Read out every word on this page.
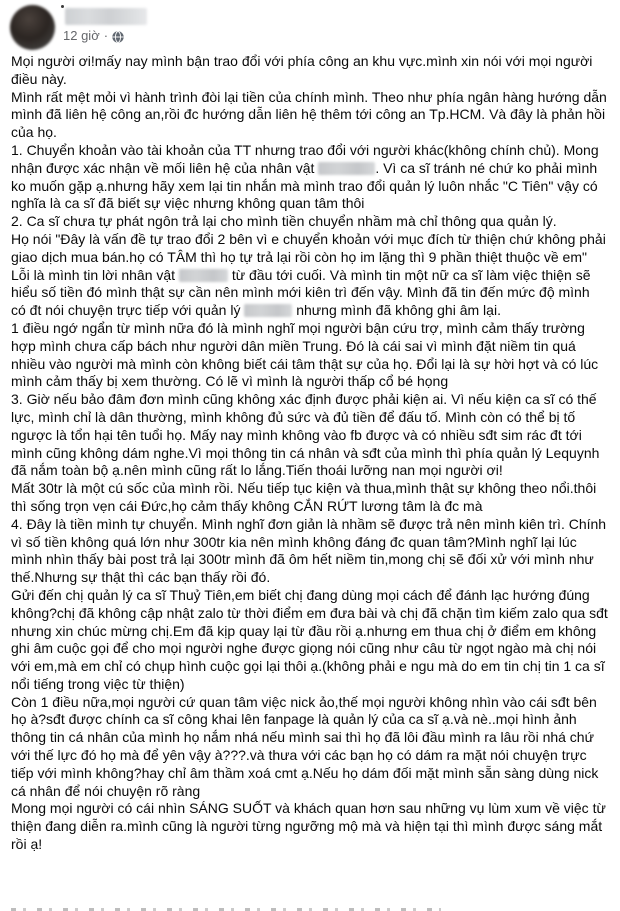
12 giờ ·

Mọi người ơi!mấy nay mình bận trao đổi với phía công an khu vực.mình xin nói với mọi người điều này.

Mình rất mệt mỏi vì hành trình đòi lại tiền của chính mình. Theo như phía ngân hàng hướng dẫn mình đã liên hệ công an,rồi đc hướng dẫn liên hệ thêm tới công an Tp.HCM. Và đây là phản hồi của họ.

1. Chuyển khoản vào tài khoản của TT nhưng trao đổi với người khác(không chính chủ). Mong nhận được xác nhận về mối liên hệ của nhân vật	. Vì ca sĩ tránh né chứ ko phải mình ko muốn gặp ạ.nhưng hãy xem lại tin nhắn mà mình trao đổi quản lý luôn nhắc "C Tiên" vậy có nghĩa là ca sĩ đã biết sự việc nhưng không quan tâm thôi

2. Ca sĩ chưa tự phát ngôn trả lại cho mình tiền chuyển nhầm mà chỉ thông qua quản lý.

Họ nói "Đây là vấn đề tự trao đổi 2 bên vì e chuyển khoản với mục đích từ thiện chứ không phải giao dịch mua bán.họ có TÂM thì họ tự trả lại rồi còn họ im lặng thì 9 phần thiệt thuộc về em"

Lỗi là mình tin lời nhân vật	từ đầu tới cuối. Và mình tin một nữ ca sĩ làm việc thiện sẽ hiểu số tiền đó mình thật sự cần nên mình mới kiên trì đến vậy. Mình đã tin đến mức độ mình có đt nói chuyện trực tiếp với quản lý	nhưng mình đã không ghi âm lại.

1 điều ngớ ngẩn từ mình nữa đó là mình nghĩ mọi người bận cứu trợ, mình cảm thấy trường hợp mình chưa cấp bách như người dân miền Trung. Đó là cái sai vì mình đặt niềm tin quá nhiều vào người mà mình còn không biết cái tâm thật sự của họ. Đổi lại là sự hời hợt và có lúc mình cảm thấy bị xem thường. Có lẽ vì mình là người thấp cổ bé họng

3. Giờ nếu bảo đâm đơn mình cũng không xác định được phải kiện ai. Vì nếu kiện ca sĩ có thế lực, mình chỉ là dân thường, mình không đủ sức và đủ tiền để đấu tố. Mình còn có thể bị tố ngược là tổn hại tên tuổi họ. Mấy nay mình không vào fb được và có nhiều sđt sim rác đt tới mình cũng không dám nghe.Vì mọi thông tin cá nhân và sđt của mình thì phía quản lý Lequynh đã nắm toàn bộ ạ.nên mình cũng rất lo lắng.Tiến thoái lưỡng nan mọi người ơi!

Mất 30tr là một cú sốc của mình rồi. Nếu tiếp tục kiện và thua,mình thật sự không theo nổi.thôi thì sống trọn vẹn cái Đức,họ cảm thấy không CẮN RỨT lương tâm là đc mà

4. Đây là tiền mình tự chuyển. Mình nghĩ đơn giản là nhầm sẽ được trả nên mình kiên trì. Chính vì số tiền không quá lớn như 300tr kia nên mình không đáng đc quan tâm?Mình nghĩ lại lúc mình nhìn thấy bài post trả lại 300tr mình đã ôm hết niềm tin,mong chị sẽ đối xử với mình như thế.Nhưng sự thật thì các bạn thấy rồi đó.

Gửi đến chị quản lý ca sĩ Thuỷ Tiên,em biết chị đang dùng mọi cách để đánh lạc hướng đúng không?chị đã không cập nhật zalo từ thời điểm em đưa bài và chị đã chặn tìm kiếm zalo qua sđt nhưng xin chúc mừng chị.Em đã kịp quay lại từ đầu rồi ạ.nhưng em thua chị ở điểm em không ghi âm cuộc gọi để cho mọi người nghe được giọng nói cũng như câu từ ngọt ngào mà chị nói với em,mà em chỉ có chụp hình cuộc gọi lại thôi ạ.(không phải e ngu mà do em tin chị tin 1 ca sĩ nổi tiếng trong việc từ thiện)

Còn 1 điều nữa,mọi người cứ quan tâm việc nick ảo,thế mọi người không nhìn vào cái sđt bên họ à?sđt được chính ca sĩ công khai lên fanpage là quản lý của ca sĩ ạ.và nè..mọi hình ảnh thông tin cá nhân của mình họ nắm nhá nếu mình sai thì họ đã lôi đầu mình ra lâu rồi nhá chứ với thế lực đó họ mà để yên vậy à???.và thưa với các bạn họ có dám ra mặt nói chuyện trực tiếp với mình không?hay chỉ âm thầm xoá cmt ạ.Nếu họ dám đối mặt mình sẵn sàng dùng nick cá nhân để nói chuyện rõ ràng

Mong mọi người có cái nhìn SÁNG SUỐT và khách quan hơn sau những vụ lùm xum về việc từ thiện đang diễn ra.mình cũng là người từng ngưỡng mộ mà và hiện tại thì mình được sáng mắt rồi ạ!
